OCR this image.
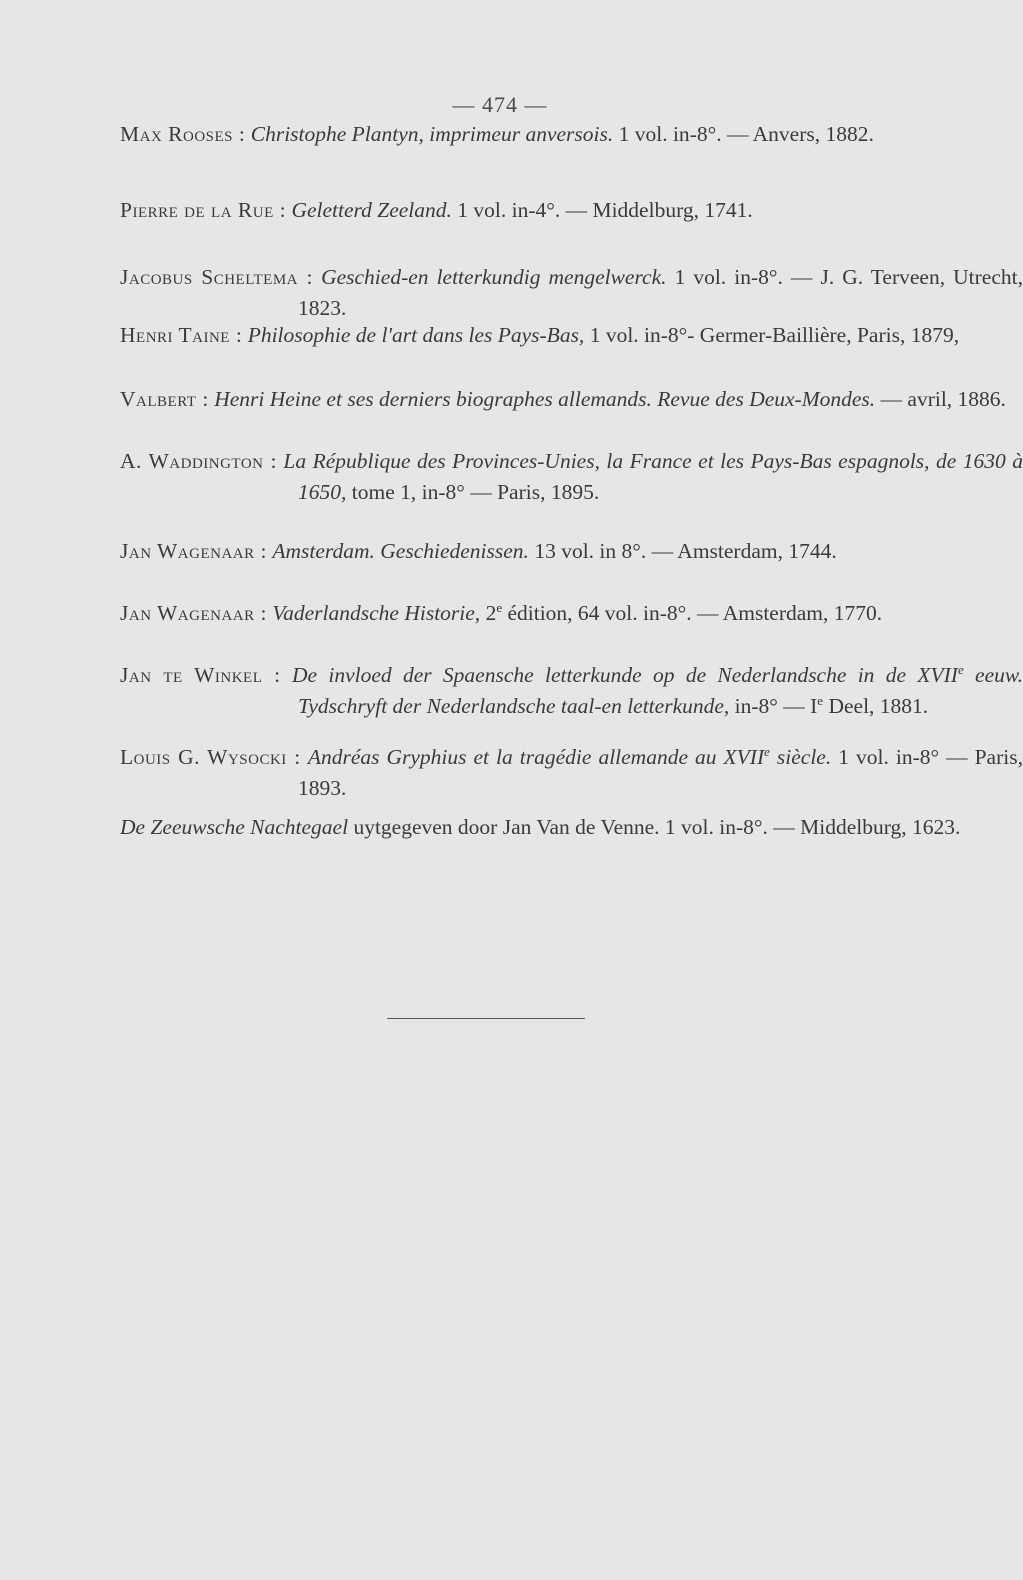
— 474 —

Max Rooses : Christophe Plantyn, imprimeur anversois. 1 vol. in-8°. — Anvers, 1882.

Pierre de la Rue : Geletterd Zeeland. 1 vol. in-4°. — Middelburg, 1741.

Jacobus Scheltema : Geschied-en letterkundig mengelwerck. 1 vol. in-8°. — J. G. Terveen, Utrecht, 1823.

Henri Taine : Philosophie de l'art dans les Pays-Bas, 1 vol. in-8°- Germer-Baillière, Paris, 1879,

Valbert : Henri Heine et ses derniers biographes allemands. Revue des Deux-Mondes. — avril, 1886.

A. Waddington : La République des Provinces-Unies, la France et les Pays-Bas espagnols, de 1630 à 1650, tome 1, in-8° — Paris, 1895.

Jan Wagenaar : Amsterdam. Geschiedenissen. 13 vol. in 8°. — Amsterdam, 1744.

Jan Wagenaar : Vaderlandsche Historie, 2e édition, 64 vol. in-8°. — Amsterdam, 1770.

Jan te Winkel : De invloed der Spaensche letterkunde op de Nederlandsche in de XVIIe eeuw. Tydschryft der Nederlandsche taal-en letterkunde, in-8° — Ie Deel, 1881.

Louis G. Wysocki : Andréas Gryphius et la tragédie allemande au XVIIe siècle. 1 vol. in-8° — Paris, 1893.

De Zeeuwsche Nachtegael uytgegeven door Jan Van de Venne. 1 vol. in-8°. — Middelburg, 1623.
